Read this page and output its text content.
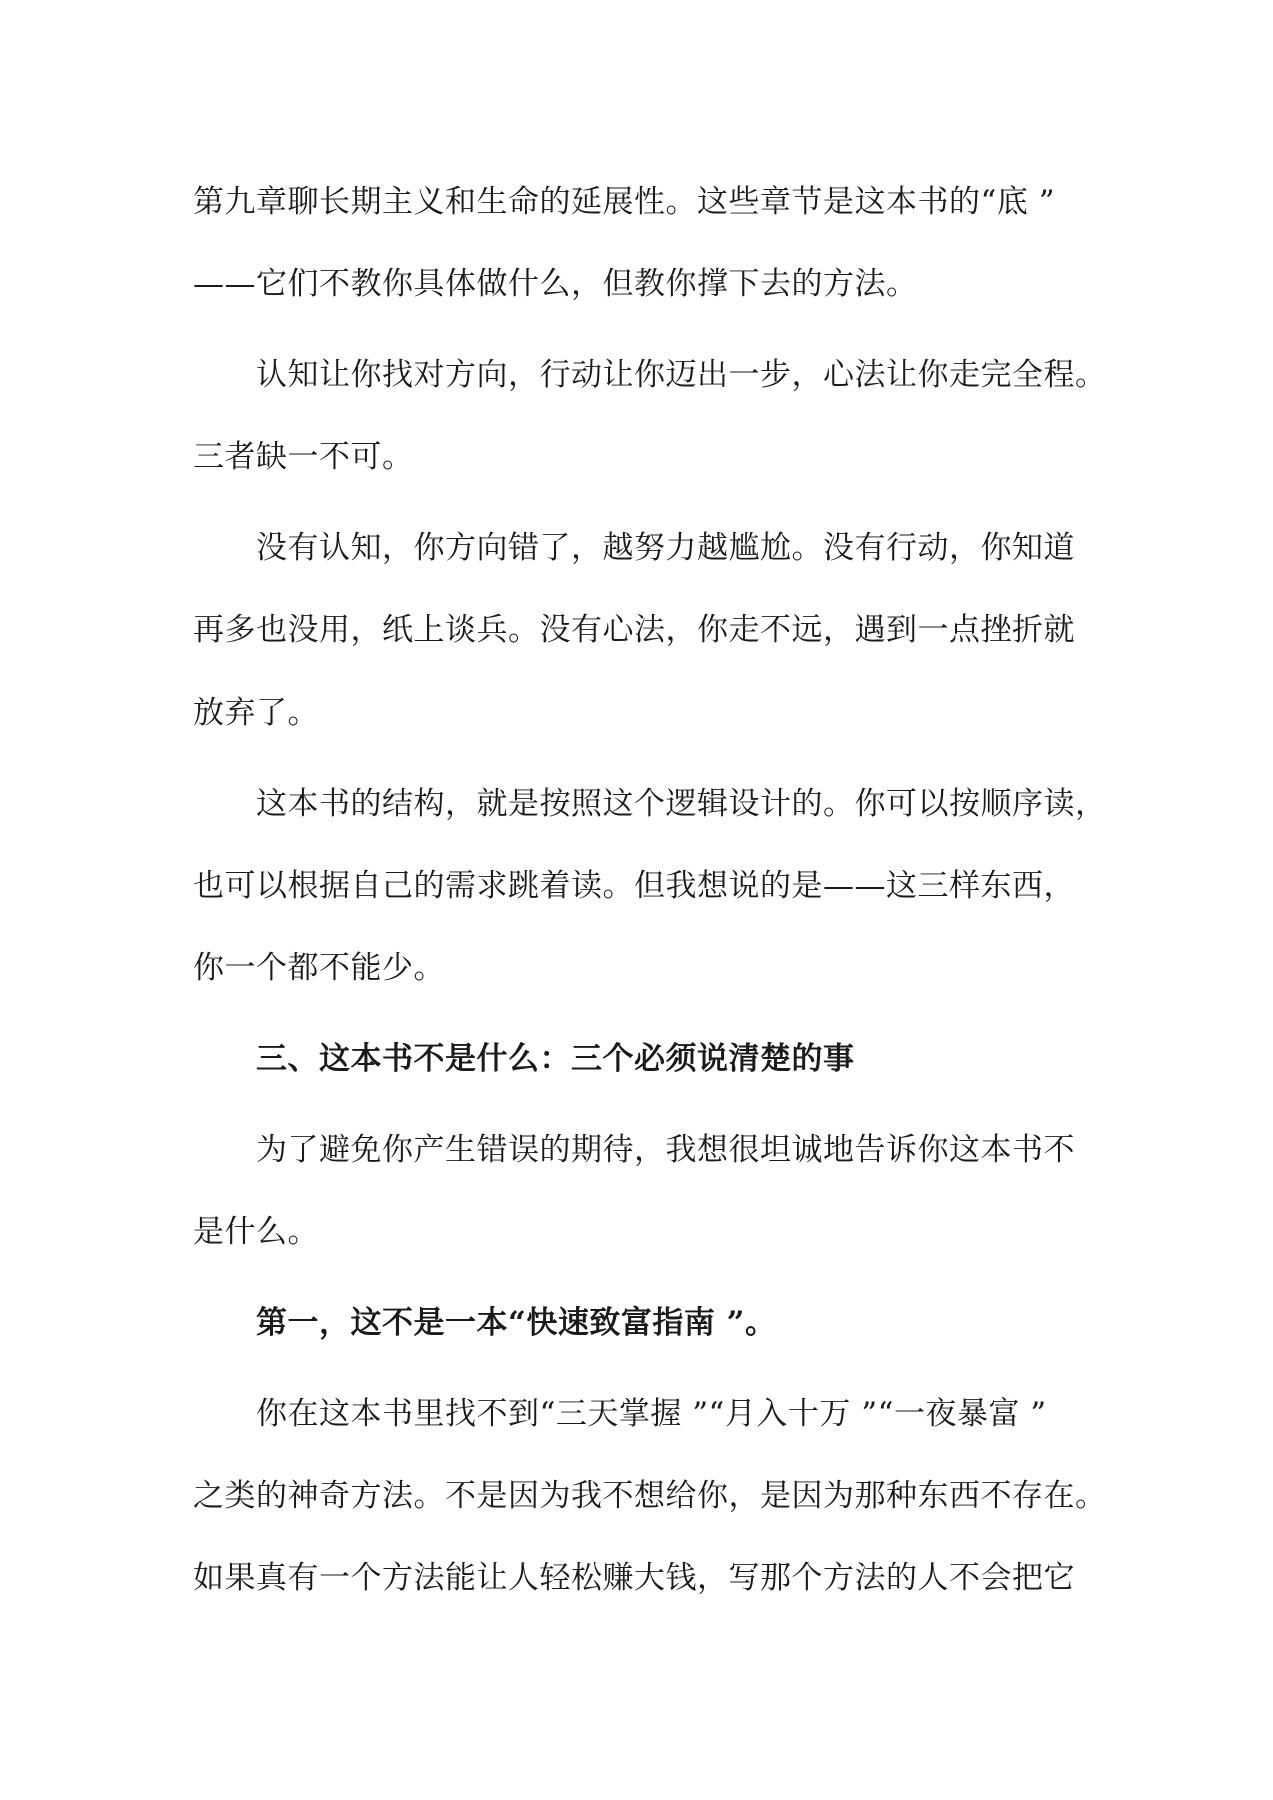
第九章聊长期主义和生命的延展性。这些章节是这本书的“底 ”
——它们不教你具体做什么，但教你撑下去的方法。
认知让你找对方向，行动让你迈出一步，心法让你走完全程。
三者缺一不可。
没有认知，你方向错了，越努力越尴尬。没有行动，你知道
再多也没用，纸上谈兵。没有心法，你走不远，遇到一点挫折就
放弃了。
这本书的结构，就是按照这个逻辑设计的。你可以按顺序读，
也可以根据自己的需求跳着读。但我想说的是——这三样东西，
你一个都不能少。
三、这本书不是什么：三个必须说清楚的事
为了避免你产生错误的期待，我想很坦诚地告诉你这本书不
是什么。
第一，这不是一本“快速致富指南 ”。
你在这本书里找不到“三天掌握 ”“月入十万 ”“一夜暴富 ”
之类的神奇方法。不是因为我不想给你，是因为那种东西不存在。
如果真有一个方法能让人轻松赚大钱，写那个方法的人不会把它
